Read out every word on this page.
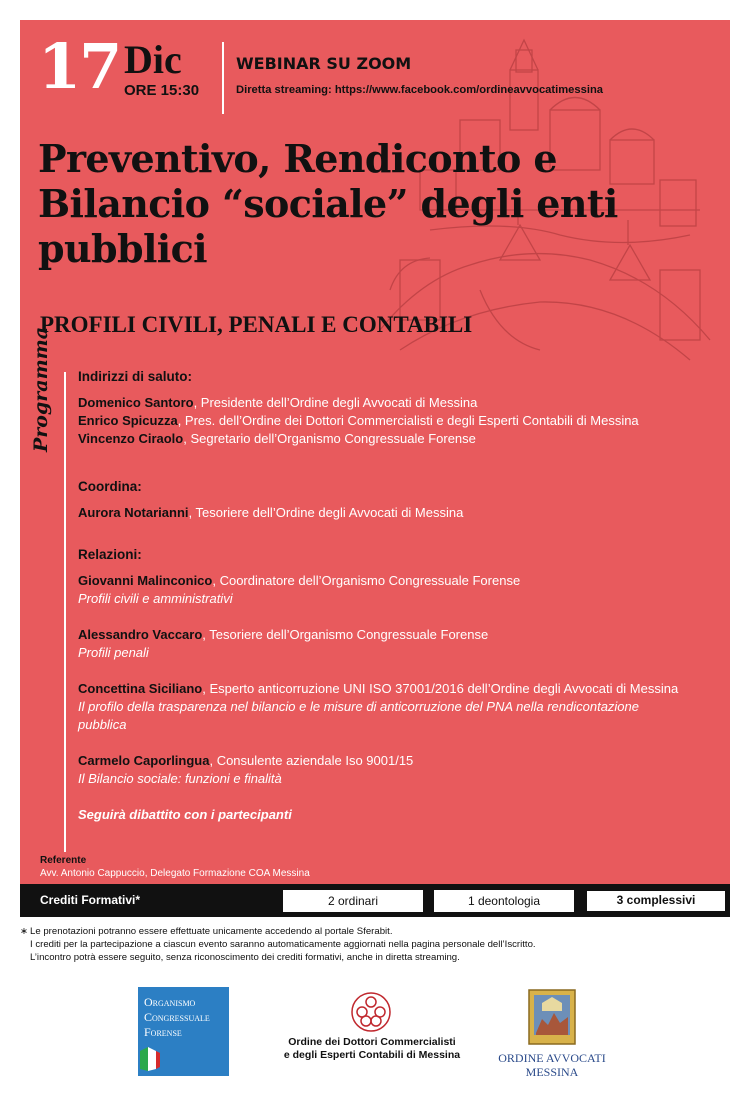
17 Dic
ORE 15:30
WEBINAR SU ZOOM
Diretta streaming: https://www.facebook.com/ordineavvocatimessina
Preventivo, Rendiconto e Bilancio “sociale” degli enti pubblici
PROFILI CIVILI, PENALI E CONTABILI
Programma Indirizzi di saluto:

Domenico Santoro, Presidente dell’Ordine degli Avvocati di Messina

Enrico Spicuzza, Pres. dell’Ordine dei Dottori Commercialisti e degli Esperti Contabili di Messina

Vincenzo Ciraolo, Segretario dell’Organismo Congressuale Forense

Coordina:

Aurora Notarianni, Tesoriere dell’Ordine degli Avvocati di Messina

Relazioni:

Giovanni Malinconico, Coordinatore dell’Organismo Congressuale Forense

Profili civili e amministrativi

Alessandro Vaccaro, Tesoriere dell’Organismo Congressuale Forense

Profili penali

Concettina Siciliano, Esperto anticorruzione UNI ISO 37001/2016 dell’Ordine degli Avvocati di Messina

Il profilo della trasparenza nel bilancio e le misure di anticorruzione del PNA nella rendicontazione

pubblica

Carmelo Caporlingua, Consulente aziendale Iso 9001/15

Il Bilancio sociale: funzioni e finalità

Seguirà dibattito con i partecipanti

Referente
Avv. Antonio Cappuccio, Delegato Formazione COA Messina
Crediti Formativi*	2 ordinari	1 deontologia	3 complessivi
∗ Le prenotazioni potranno essere effettuate unicamente accedendo al portale Sferabit.

I crediti per la partecipazione a ciascun evento saranno automaticamente aggiornati nella pagina personale dell’Iscritto.

L’incontro potrà essere seguito, senza riconoscimento dei crediti formativi, anche in diretta streaming.

Organismo
Congressuale
Forense
Ordine dei Dottori Commercialisti
e degli Esperti Contabili di Messina	ORDINE AVVOCATI
MESSINA
